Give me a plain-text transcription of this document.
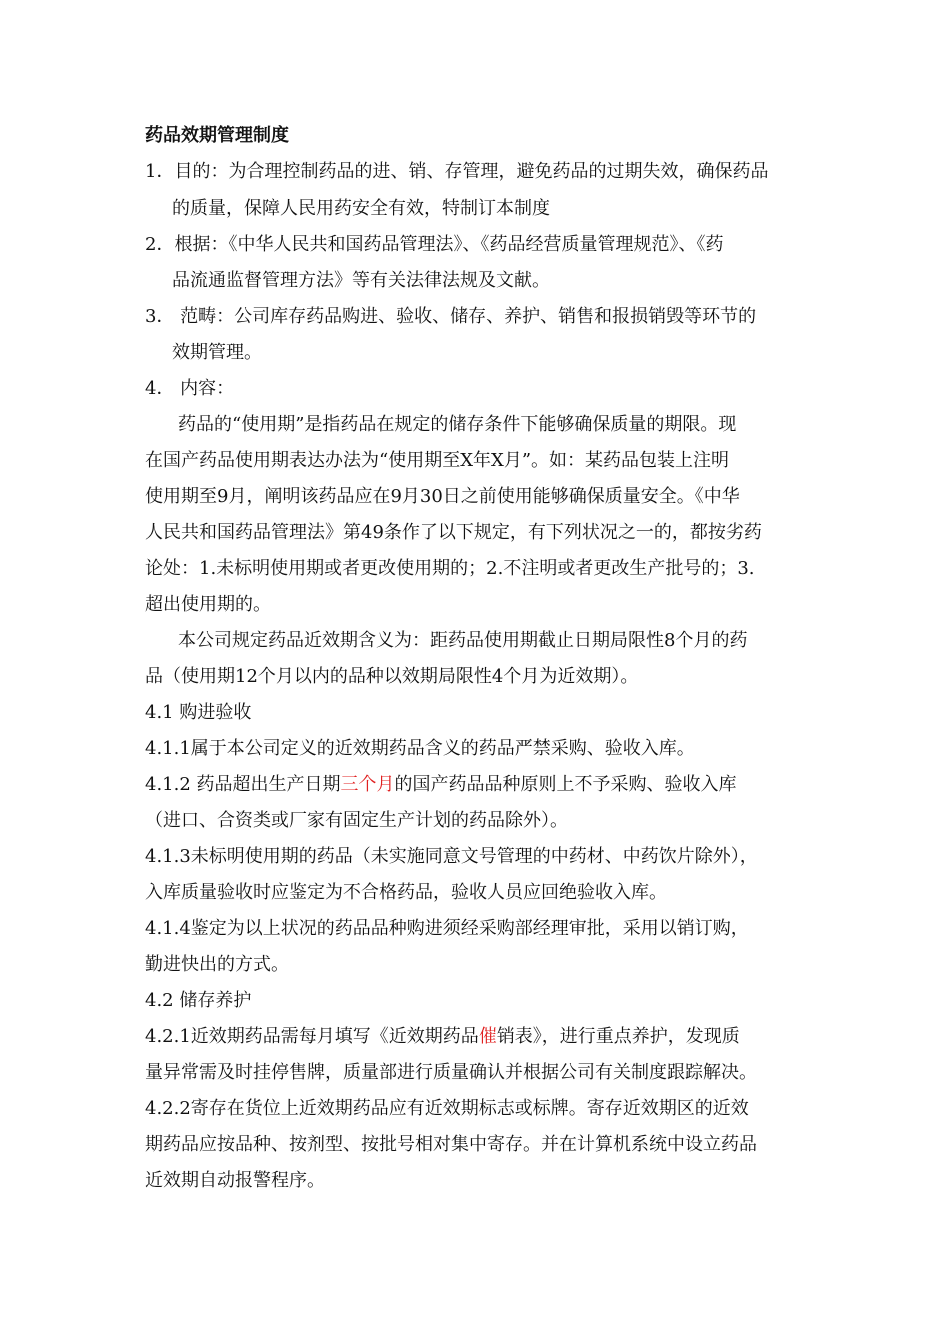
药品效期管理制度
1．目的：为合理控制药品的进、销、存管理，避免药品的过期失效，确保药品
的质量，保障人民用药安全有效，特制订本制度
2．根据：《中华人民共和国药品管理法》、《药品经营质量管理规范》、《药
品流通监督管理方法》等有关法律法规及文献。
3． 范畴：公司库存药品购进、验收、储存、养护、销售和报损销毁等环节的
效期管理。
4． 内容：
药品的“使用期”是指药品在规定的储存条件下能够确保质量的期限。现
在国产药品使用期表达办法为“使用期至X年X月”。如：某药品包装上注明
使用期至9月，阐明该药品应在9月30日之前使用能够确保质量安全。《中华
人民共和国药品管理法》第49条作了以下规定，有下列状况之一的，都按劣药
论处：1.未标明使用期或者更改使用期的；2.不注明或者更改生产批号的；3.
超出使用期的。
本公司规定药品近效期含义为：距药品使用期截止日期局限性8个月的药
品（使用期12个月以内的品种以效期局限性4个月为近效期）。
4.1 购进验收
4.1.1属于本公司定义的近效期药品含义的药品严禁采购、验收入库。
4.1.2 药品超出生产日期三个月的国产药品品种原则上不予采购、验收入库
（进口、合资类或厂家有固定生产计划的药品除外）。
4.1.3未标明使用期的药品（未实施同意文号管理的中药材、中药饮片除外），
入库质量验收时应鉴定为不合格药品，验收人员应回绝验收入库。
4.1.4鉴定为以上状况的药品品种购进须经采购部经理审批，采用以销订购，
勤进快出的方式。
4.2 储存养护
4.2.1近效期药品需每月填写《近效期药品催销表》，进行重点养护，发现质
量异常需及时挂停售牌，质量部进行质量确认并根据公司有关制度跟踪解决。
4.2.2寄存在货位上近效期药品应有近效期标志或标牌。寄存近效期区的近效
期药品应按品种、按剂型、按批号相对集中寄存。并在计算机系统中设立药品
近效期自动报警程序。
